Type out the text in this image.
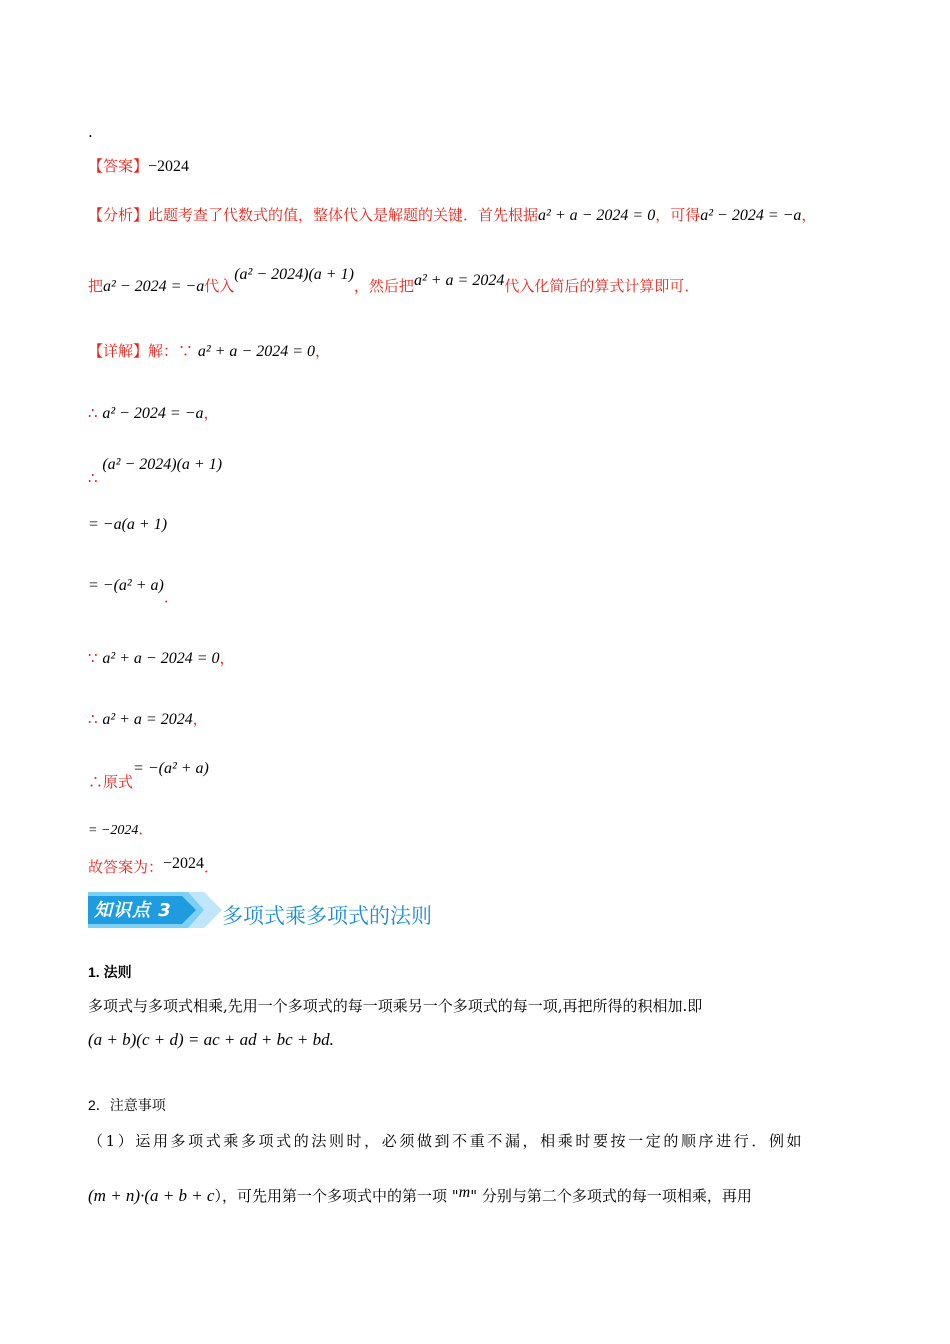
.
【答案】−2024
【分析】此题考查了代数式的值，整体代入是解题的关键．首先根据a² + a − 2024 = 0，可得a² − 2024 = −a，
把a² − 2024 = −a代入(a² − 2024)(a + 1)，然后把a² + a = 2024代入化简后的算式计算即可．
【详解】解：∵ a² + a − 2024 = 0，
∴ a² − 2024 = −a，
∴ (a² − 2024)(a + 1)
= −a(a + 1)
= −(a² + a)．
∵ a² + a − 2024 = 0，
∴ a² + a = 2024，
∴原式= −(a² + a)
= −2024．
故答案为：−2024．
知识点 3 多项式乘多项式的法则
1. 法则
多项式与多项式相乘,先用一个多项式的每一项乘另一个多项式的每一项,再把所得的积相加.即
(a + b)(c + d) = ac + ad + bc + bd.
2．注意事项
（1）运用多项式乘多项式的法则时，必须做到不重不漏，相乘时要按一定的顺序进行．例如
(m + n)·(a + b + c），可先用第一个多项式中的第一项 "m" 分别与第二个多项式的每一项相乘，再用
